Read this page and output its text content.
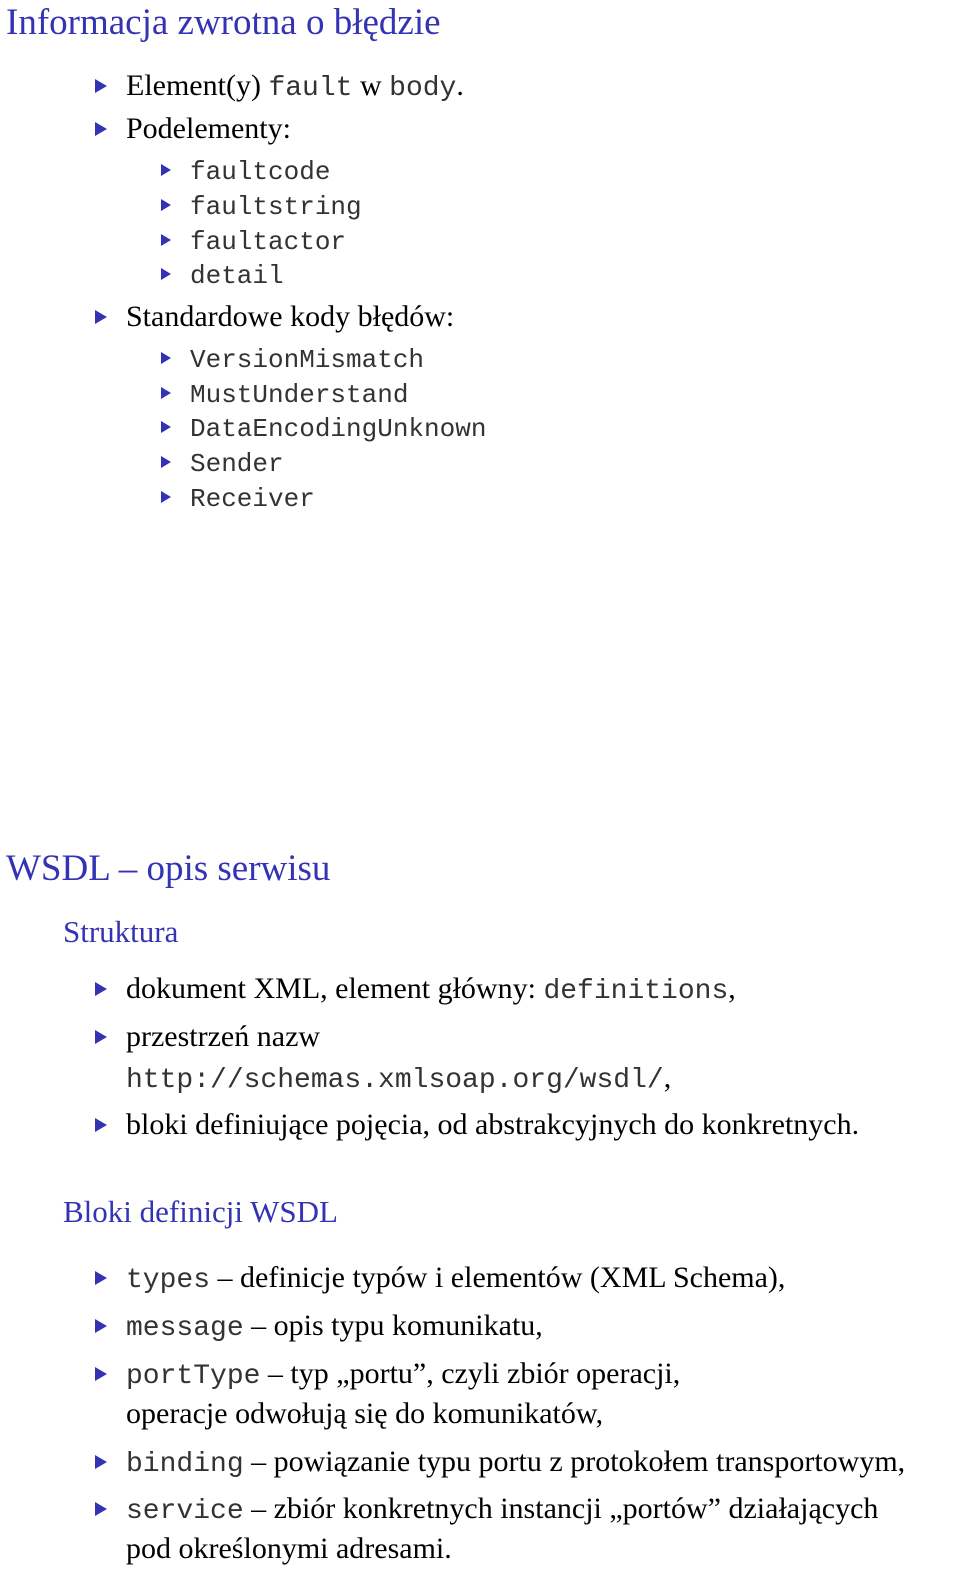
Informacja zwrotna o błędzie
Element(y) fault w body.
Podelementy:
faultcode
faultstring
faultactor
detail
Standardowe kody błędów:
VersionMismatch
MustUnderstand
DataEncodingUnknown
Sender
Receiver
WSDL – opis serwisu
Struktura
dokument XML, element główny: definitions,
przestrzeń nazw
http://schemas.xmlsoap.org/wsdl/,
bloki definiujące pojęcia, od abstrakcyjnych do konkretnych.
Bloki definicji WSDL
types – definicje typów i elementów (XML Schema),
message – opis typu komunikatu,
portType – typ „portu”, czyli zbiór operacji,
operacje odwołują się do komunikatów,
binding – powiązanie typu portu z protokołem transportowym,
service – zbiór konkretnych instancji „portów” działających
pod określonymi adresami.
